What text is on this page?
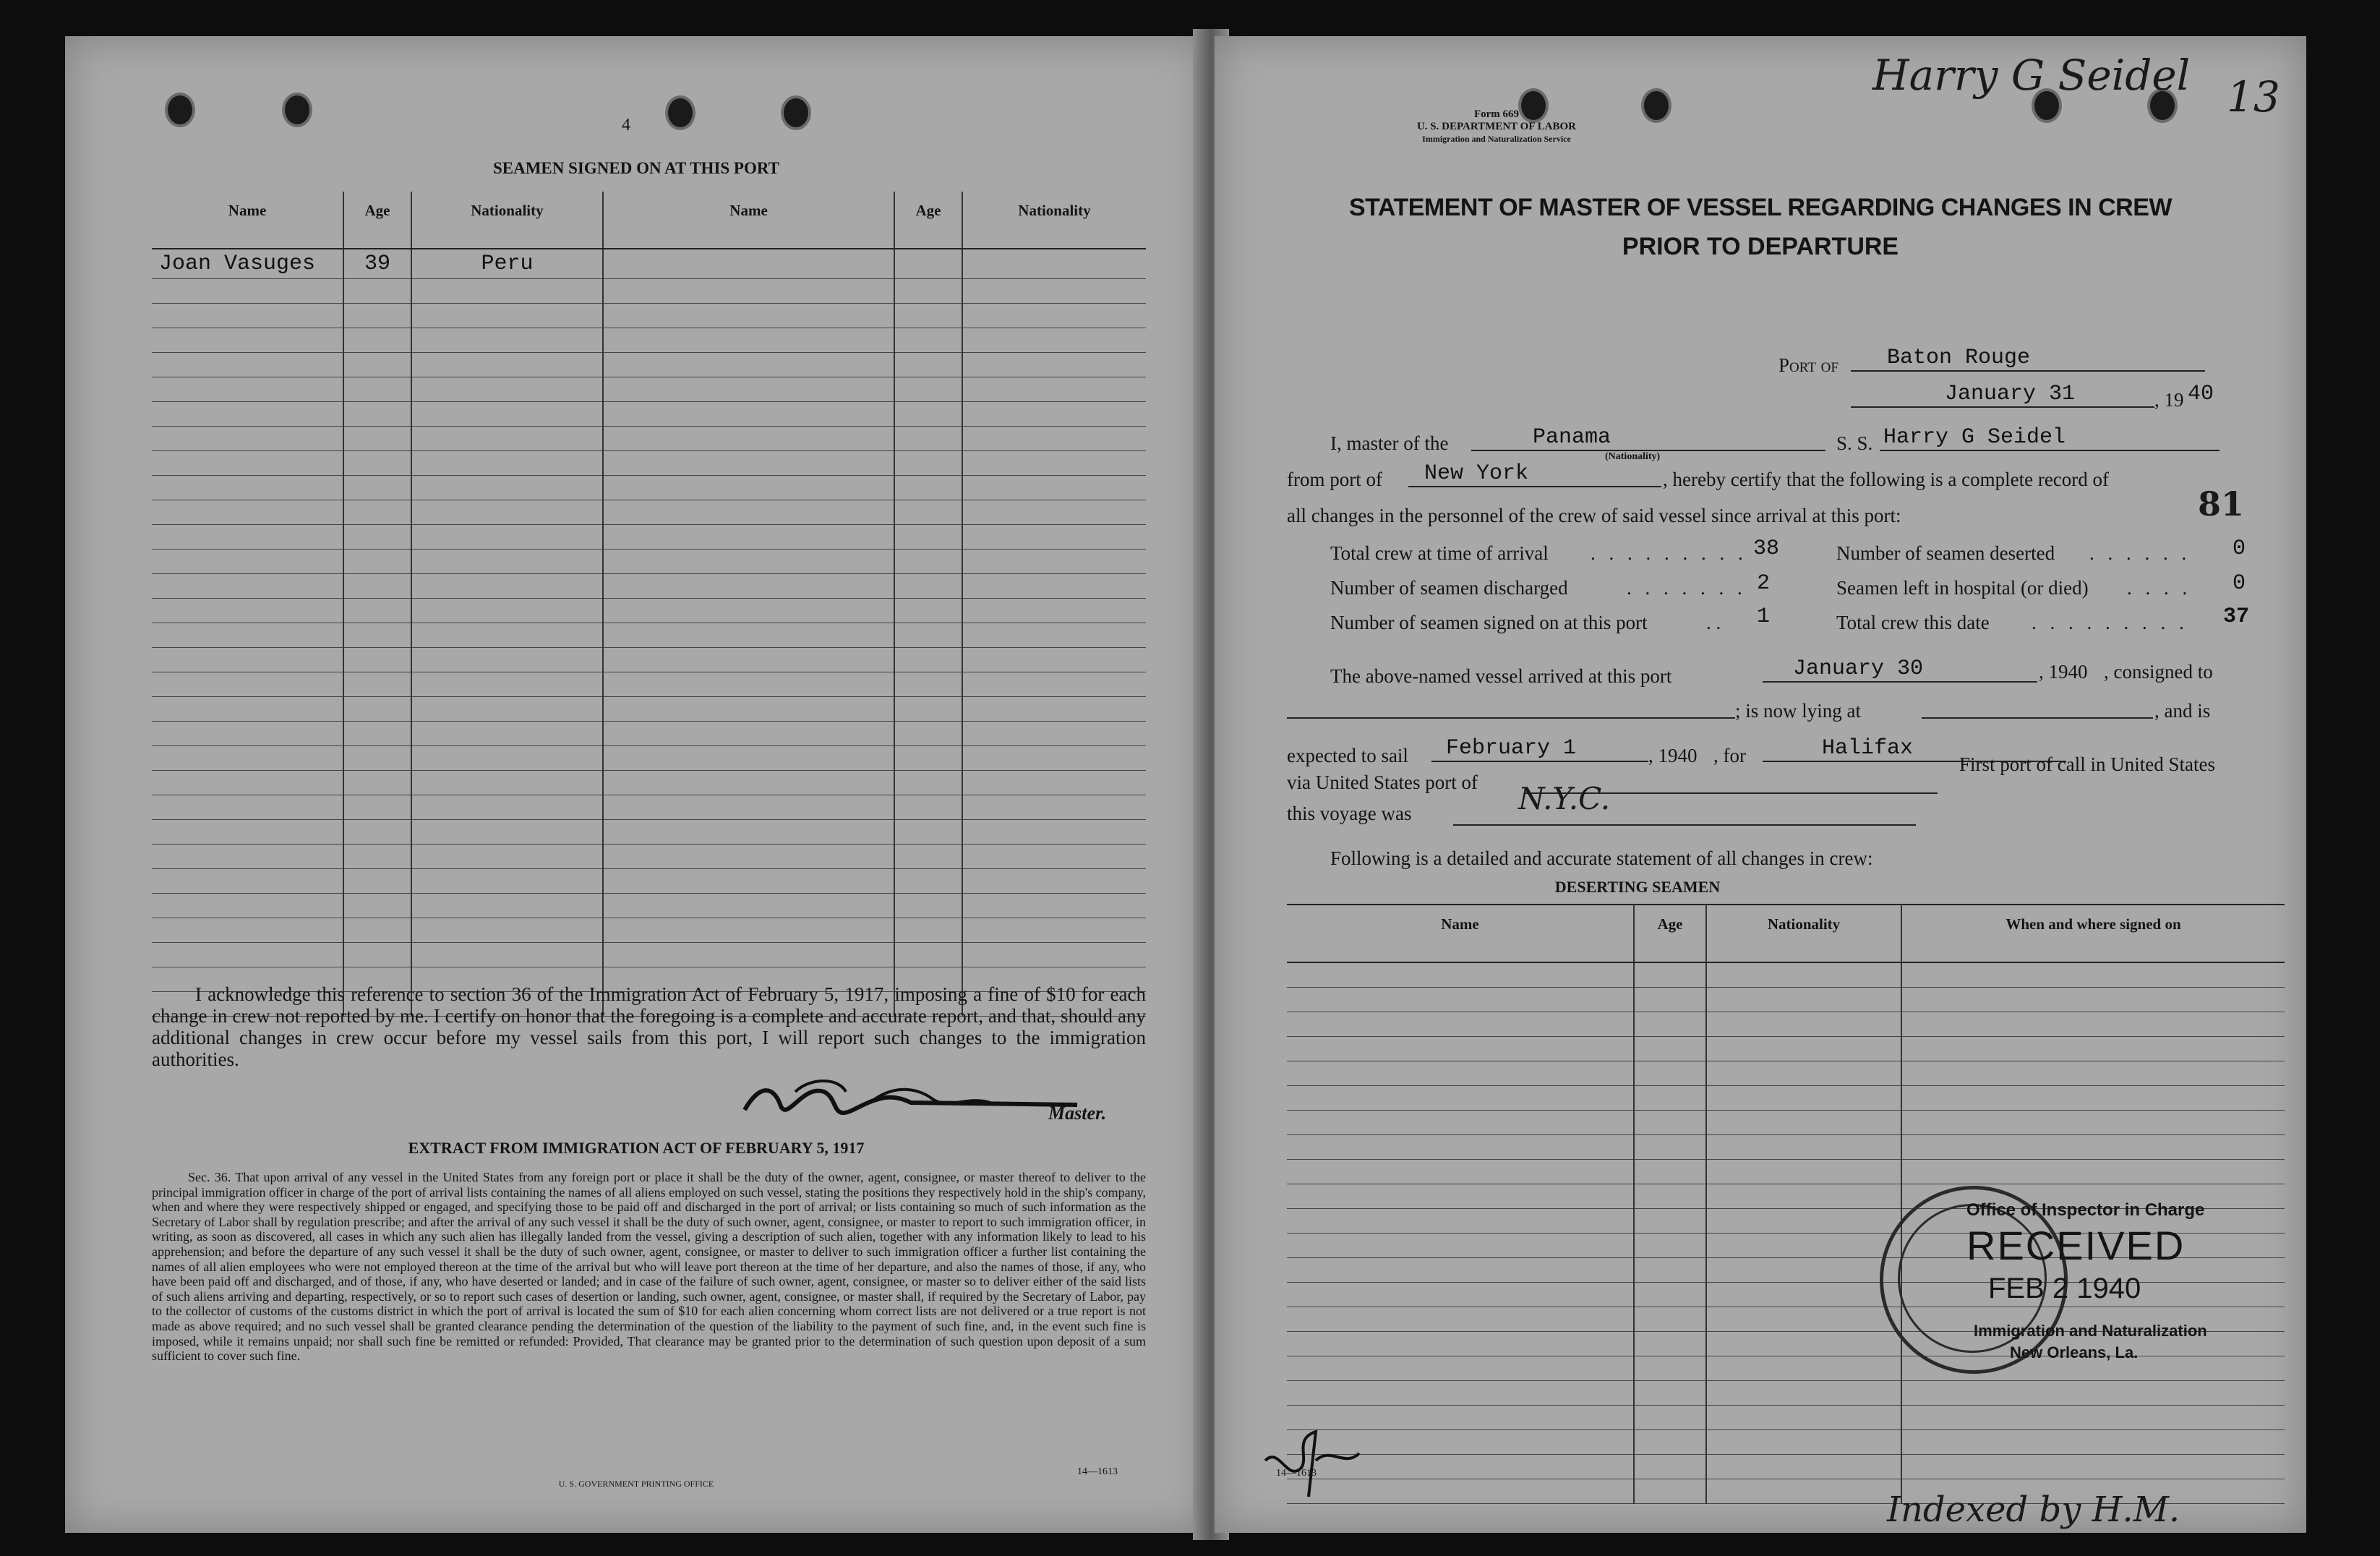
4
SEAMEN SIGNED ON AT THIS PORT
Name	Age	Nationality	Name	Age	Nationality
Joan Vasuges	39	Peru			

I acknowledge this reference to section 36 of the Immigration Act of February 5, 1917, imposing a fine of $10 for each change in crew not reported by me. I certify on honor that the foregoing is a complete and accurate report, and that, should any additional changes in crew occur before my vessel sails from this port, I will report such changes to the immigration authorities.
Master.
EXTRACT FROM IMMIGRATION ACT OF FEBRUARY 5, 1917
Sec. 36. That upon arrival of any vessel in the United States from any foreign port or place it shall be the duty of the owner, agent, consignee, or master thereof to deliver to the principal immigration officer in charge of the port of arrival lists containing the names of all aliens employed on such vessel, stating the positions they respectively hold in the ship's company, when and where they were respectively shipped or engaged, and specifying those to be paid off and discharged in the port of arrival; or lists containing so much of such information as the Secretary of Labor shall by regulation prescribe; and after the arrival of any such vessel it shall be the duty of such owner, agent, consignee, or master to report to such immigration officer, in writing, as soon as discovered, all cases in which any such alien has illegally landed from the vessel, giving a description of such alien, together with any information likely to lead to his apprehension; and before the departure of any such vessel it shall be the duty of such owner, agent, consignee, or master to deliver to such immigration officer a further list containing the names of all alien employees who were not employed thereon at the time of the arrival but who will leave port thereon at the time of her departure, and also the names of those, if any, who have been paid off and discharged, and of those, if any, who have deserted or landed; and in case of the failure of such owner, agent, consignee, or master so to deliver either of the said lists of such aliens arriving and departing, respectively, or so to report such cases of desertion or landing, such owner, agent, consignee, or master shall, if required by the Secretary of Labor, pay to the collector of customs of the customs district in which the port of arrival is located the sum of $10 for each alien concerning whom correct lists are not delivered or a true report is not made as above required; and no such vessel shall be granted clearance pending the determination of the question of the liability to the payment of such fine, and, in the event such fine is imposed, while it remains unpaid; nor shall such fine be remitted or refunded: Provided, That clearance may be granted prior to the determination of such question upon deposit of a sum sufficient to cover such fine.
U. S. GOVERNMENT PRINTING OFFICE
14—1613
Harry G Seidel 13
Form 669
U. S. DEPARTMENT OF LABOR
Immigration and Naturalization Service
STATEMENT OF MASTER OF VESSEL REGARDING CHANGES IN CREW
PRIOR TO DEPARTURE
Port of Baton Rouge
January 31	, 19 40
I, master of the	Panama
(Nationality)
S. S. Harry G Seidel
from port of New York	, hereby certify that the following is a complete record of
all changes in the personnel of the crew of said vessel since arrival at this port:	81
Total crew at time of arrival . . . . . . . . . 38
Number of seamen discharged	. . . . . . . 2
Number of seamen signed on at this port	. . 1
Number of seamen deserted . . . . . . 0
Seamen left in hospital (or died) . . . . 0
Total crew this date . . . . . . . . . 37
The above-named vessel arrived at this port	January 30	, 1940 , consigned to
; is now lying at	, and is
expected to sail February 1	, 1940 , for	Halifax
via United States port of
First port of call in United States
this voyage was	N.Y.C.
Following is a detailed and accurate statement of all changes in crew:
DESERTING SEAMEN
Name	Age	Nationality	When and where signed on

Office of Inspector in Charge
RECEIVED
FEB 2 1940
Immigration and Naturalization
New Orleans, La.
14—1613
Indexed by H.M.
